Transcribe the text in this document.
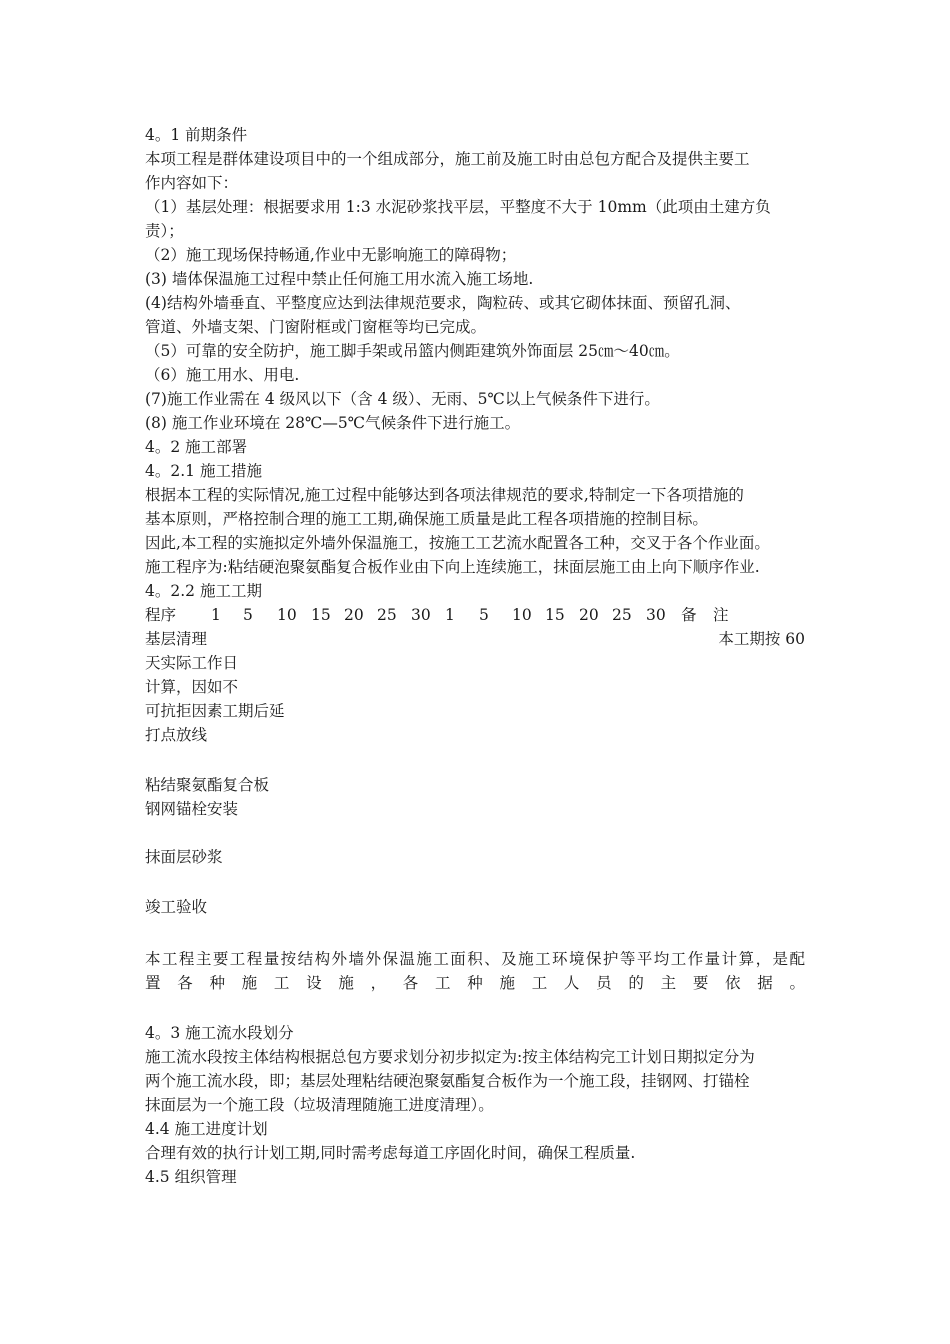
4。1 前期条件
本项工程是群体建设项目中的一个组成部分，施工前及施工时由总包方配合及提供主要工
作内容如下：
（1）基层处理：根据要求用 1:3 水泥砂浆找平层，平整度不大于 10mm（此项由土建方负
责）；
（2）施工现场保持畅通,作业中无影响施工的障碍物；
(3) 墙体保温施工过程中禁止任何施工用水流入施工场地.
(4)结构外墙垂直、平整度应达到法律规范要求，陶粒砖、或其它砌体抹面、预留孔洞、
管道、外墙支架、门窗附框或门窗框等均已完成。
（5）可靠的安全防护，施工脚手架或吊篮内侧距建筑外饰面层 25㎝～40㎝。
（6）施工用水、用电.
(7)施工作业需在 4 级风以下（含 4 级）、无雨、5℃以上气候条件下进行。
(8) 施工作业环境在 28℃—5℃气候条件下进行施工。
4。2 施工部署
4。2.1 施工措施
根据本工程的实际情况,施工过程中能够达到各项法律规范的要求,特制定一下各项措施的
基本原则，严格控制合理的施工工期,确保施工质量是此工程各项措施的控制目标。
因此,本工程的实施拟定外墙外保温施工，按施工工艺流水配置各工种，交叉于各个作业面。
施工程序为:粘结硬泡聚氨酯复合板作业由下向上连续施工，抹面层施工由上向下顺序作业.
4。2.2 施工工期
程序 1 5 10 15 20 25 30 1 5 10 15 20 25 30 备 注
基层清理	本工期按 60
天实际工作日
计算，因如不
可抗拒因素工期后延
打点放线
粘结聚氨酯复合板
钢网锚栓安装
抹面层砂浆
竣工验收
本工程主要工程量按结构外墙外保温施工面积、及施工环境保护等平均工作量计算，是配
置各种施工设施，各工种施工人员的主要依据。
4。3 施工流水段划分
施工流水段按主体结构根据总包方要求划分初步拟定为:按主体结构完工计划日期拟定分为
两个施工流水段，即；基层处理粘结硬泡聚氨酯复合板作为一个施工段，挂钢网、打锚栓
抹面层为一个施工段（垃圾清理随施工进度清理）。
4.4 施工进度计划
合理有效的执行计划工期,同时需考虑每道工序固化时间，确保工程质量.
4.5 组织管理
